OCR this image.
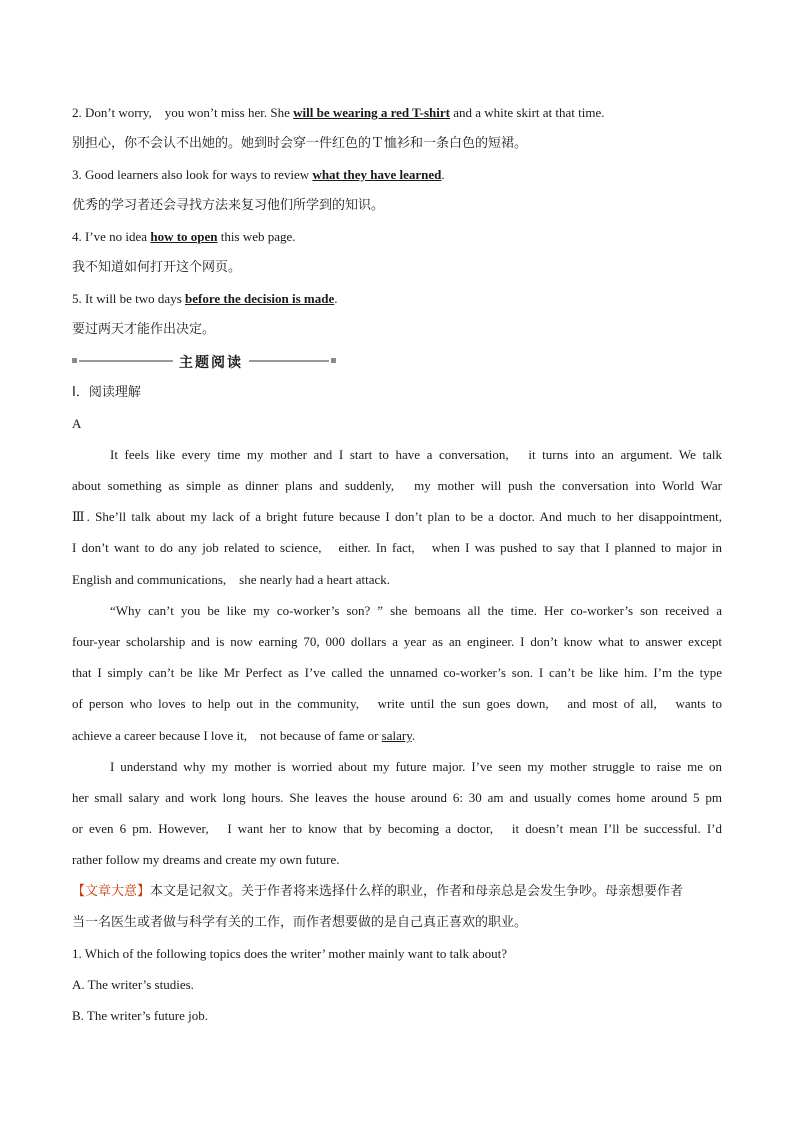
2. Don’t worry,　you won’t miss her. She will be wearing a red T-shirt and a white skirt at that time.
别担心，你不会认不出她的。她到时会穿一件红色的Ｔ恤衫和一条白色的短裙。
3. Good learners also look for ways to review what they have learned.
优秀的学习者还会寻找方法来复习他们所学到的知识。
4. I’ve no idea how to open this web page.
我不知道如何打开这个网页。
5. It will be two days before the decision is made.
要过两天才能作出决定。
主题阅读
Ⅰ．阅读理解
A
It feels like every time my mother and I start to have a conversation,　it turns into an argument. We talk
about something as simple as dinner plans and suddenly,　my mother will push the conversation into World War
Ⅲ. She’ll talk about my lack of a bright future because I don’t plan to be a doctor. And much to her disappointment,
I don’t want to do any job related to science,　either. In fact,　when I was pushed to say that I planned to major in
English and communications,　she nearly had a heart attack.
“Why can’t you be like my co-worker’s son? ” she bemoans all the time. Her co-worker’s son received a
four-year scholarship and is now earning 70, 000 dollars a year as an engineer. I don’t know what to answer except
that I simply can’t be like Mr Perfect as I’ve called the unnamed co-worker’s son. I can’t be like him. I’m the type
of person who loves to help out in the community,　write until the sun goes down,　and most of all,　wants to
achieve a career because I love it,　not because of fame or salary.
I understand why my mother is worried about my future major. I’ve seen my mother struggle to raise me on
her small salary and work long hours. She leaves the house around 6: 30 am and usually comes home around 5 pm
or even 6 pm. However,　I want her to know that by becoming a doctor,　it doesn’t mean I’ll be successful. I’d
rather follow my dreams and create my own future.
【文章大意】本文是记叙文。关于作者将来选择什么样的职业，作者和母亲总是会发生争吵。母亲想要作者
当一名医生或者做与科学有关的工作，而作者想要做的是自己真正喜欢的职业。
1. Which of the following topics does the writer’ mother mainly want to talk about?
A. The writer’s studies.
B. The writer’s future job.
